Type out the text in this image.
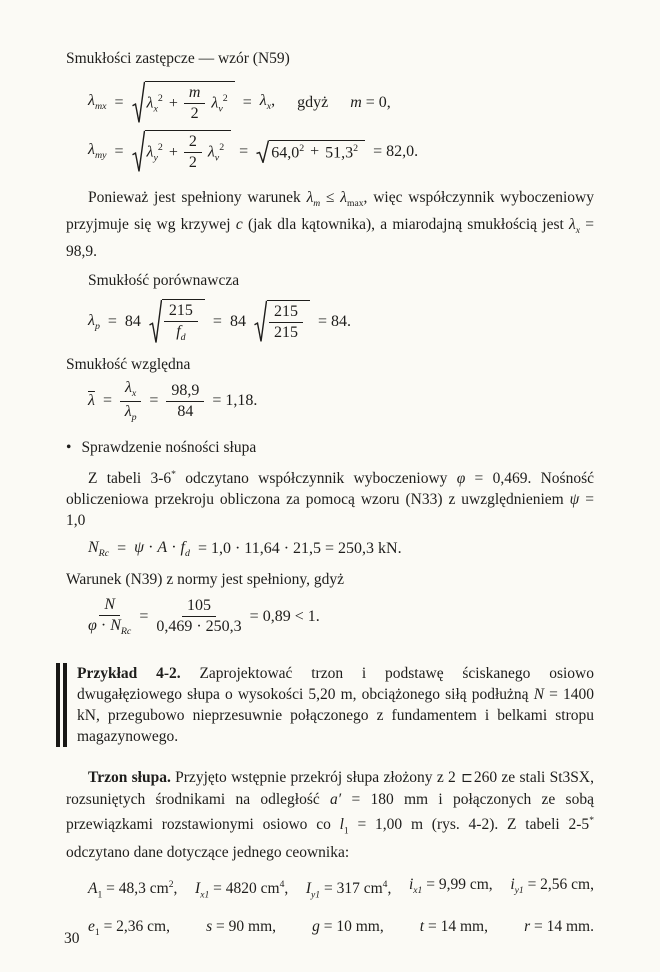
Smukłości zastępcze — wzór (N59)

$\lambda_{mx} = \lambda_x^2 + \frac{m}{2} \lambda_v^2 = \lambda_x$, gdyż m = 0,
$\lambda_{my} = \lambda_y^2 + \frac{2}{2} \lambda_v^2 = 64,0^2 + 51,3^2 = 82,0$.

Ponieważ jest spełniony warunek $\lambda_m \le \lambda_{max}$, więc współczynnik wyboczeniowy przyjmuje się wg krzywej c (jak dla kątownika), a miarodajną smukłością jest $\lambda_x = 98,9$.

Smukłość porównawcza

$\lambda_p = 84 \frac{215}{f_d} = 84 \frac{215}{215} = 84$.

Smukłość względna

$\overline{\lambda} = \frac{\lambda_x}{\lambda_p} = \frac{98,9}{84} = 1,18$.

• Sprawdzenie nośności słupa

Z tabeli 3-6* odczytano współczynnik wyboczeniowy φ = 0,469. Nośność obliczeniowa przekroju obliczona za pomocą wzoru (N33) z uwzględnieniem ψ = 1,0

$N_{Rc} = \psi \cdot A \cdot f_d = 1,0 \cdot 11,64 \cdot 21,5 = 250,3$ kN.

Warunek (N39) z normy jest spełniony, gdyż

$\frac{N}{\varphi \cdot N_{Rc}} = \frac{105}{0,469 \cdot 250,3} = 0,89 < 1$.

Przykład 4-2. Zaprojektować trzon i podstawę ściskanego osiowo dwugałęziowego słupa o wysokości 5,20 m, obciążonego siłą podłużną N = 1400 kN, przegubowo nieprzesuwnie połączonego z fundamentem i belkami stropu magazynowego.

Trzon słupa. Przyjęto wstępnie przekrój słupa złożony z 2 ⊏260 ze stali St3SX, rozsuniętych środnikami na odległość a′ = 180 mm i połączonych ze sobą przewiązkami rozstawionymi osiowo co $l_1 = 1,00$ m (rys. 4-2). Z tabeli 2-5* odczytano dane dotyczące jednego ceownika:

$A_1 = 48,3$ $cm^2$, $I_{x1} = 4820$ $cm^4$, $I_{y1} = 317$ $cm^4$, $i_{x1} = 9,99$ cm, $i_{y1} = 2,56$ cm,
$e_1 = 2,36$ cm, s = 90 mm, g = 10 mm, t = 14 mm, r = 14 mm.
30
